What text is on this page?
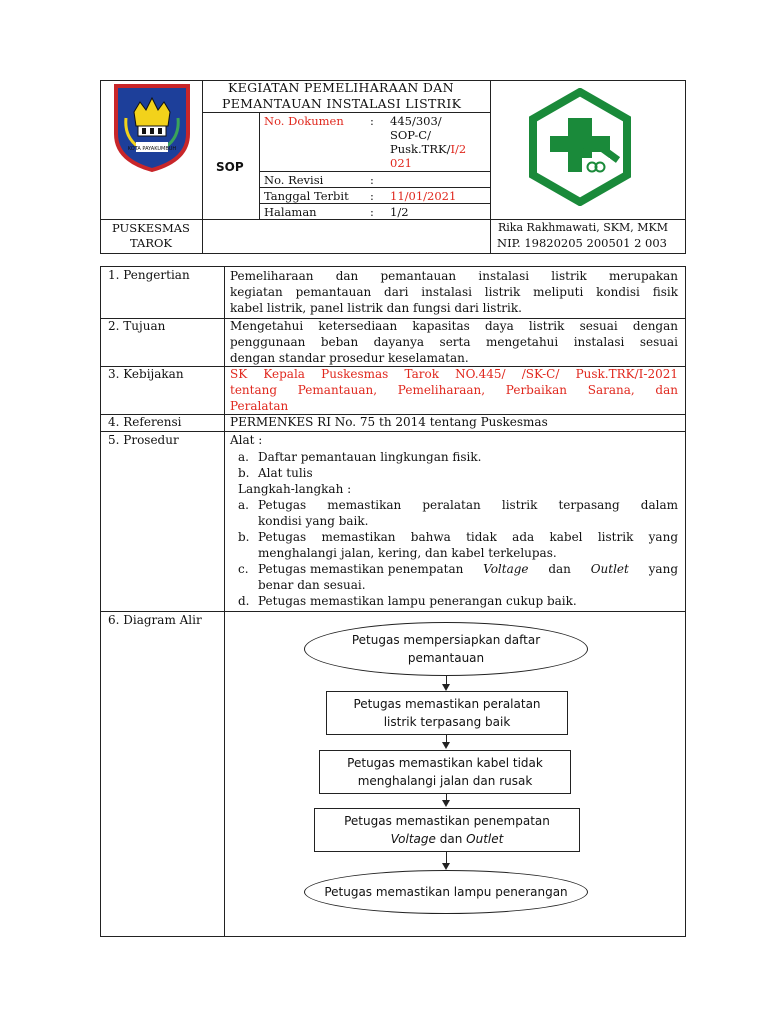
KOTA PAYAKUMBUH
KEGIATAN PEMELIHARAAN DAN
PEMANTAUAN INSTALASI LISTRIK
SOP
No. Dokumen : 445/303/
SOP-C/
Pusk.TRK/I/2
021
No. Revisi	:
Tanggal Terbit : 11/01/2021
Halaman	: 1/2
PUSKESMAS
TAROK
Rika Rakhmawati, SKM, MKM
NIP. 19820205 200501 2 003
1. Pengertian	Pemeliharaan dan pemantauan instalasi listrik merupakan
kegiatan pemantauan dari instalasi listrik meliputi kondisi fisik
kabel listrik, panel listrik dan fungsi dari listrik.
2. Tujuan	Mengetahui ketersediaan kapasitas daya listrik sesuai dengan
penggunaan beban dayanya serta mengetahui instalasi sesuai
dengan standar prosedur keselamatan.
3. Kebijakan	SK Kepala Puskesmas Tarok NO.445/ /SK-C/ Pusk.TRK/I-2021
tentang Pemantauan, Pemeliharaan, Perbaikan Sarana, dan
Peralatan
4. Referensi	PERMENKES RI No. 75 th 2014 tentang Puskesmas
5. Prosedur	Alat :
a. Daftar pemantauan lingkungan fisik.
b. Alat tulis
Langkah-langkah :
a. Petugas memastikan peralatan listrik terpasang dalam
kondisi yang baik.
b. Petugas memastikan bahwa tidak ada kabel listrik yang
menghalangi jalan, kering, dan kabel terkelupas.
c. Petugas memastikan penempatan Voltage dan Outlet yang
benar dan sesuai.
d. Petugas memastikan lampu penerangan cukup baik.
6. Diagram Alir
Petugas mempersiapkan daftar
pemantauan
Petugas memastikan peralatan
listrik terpasang baik
Petugas memastikan kabel tidak
menghalangi jalan dan rusak
Petugas memastikan penempatan
Voltage dan Outlet
Petugas memastikan lampu penerangan
